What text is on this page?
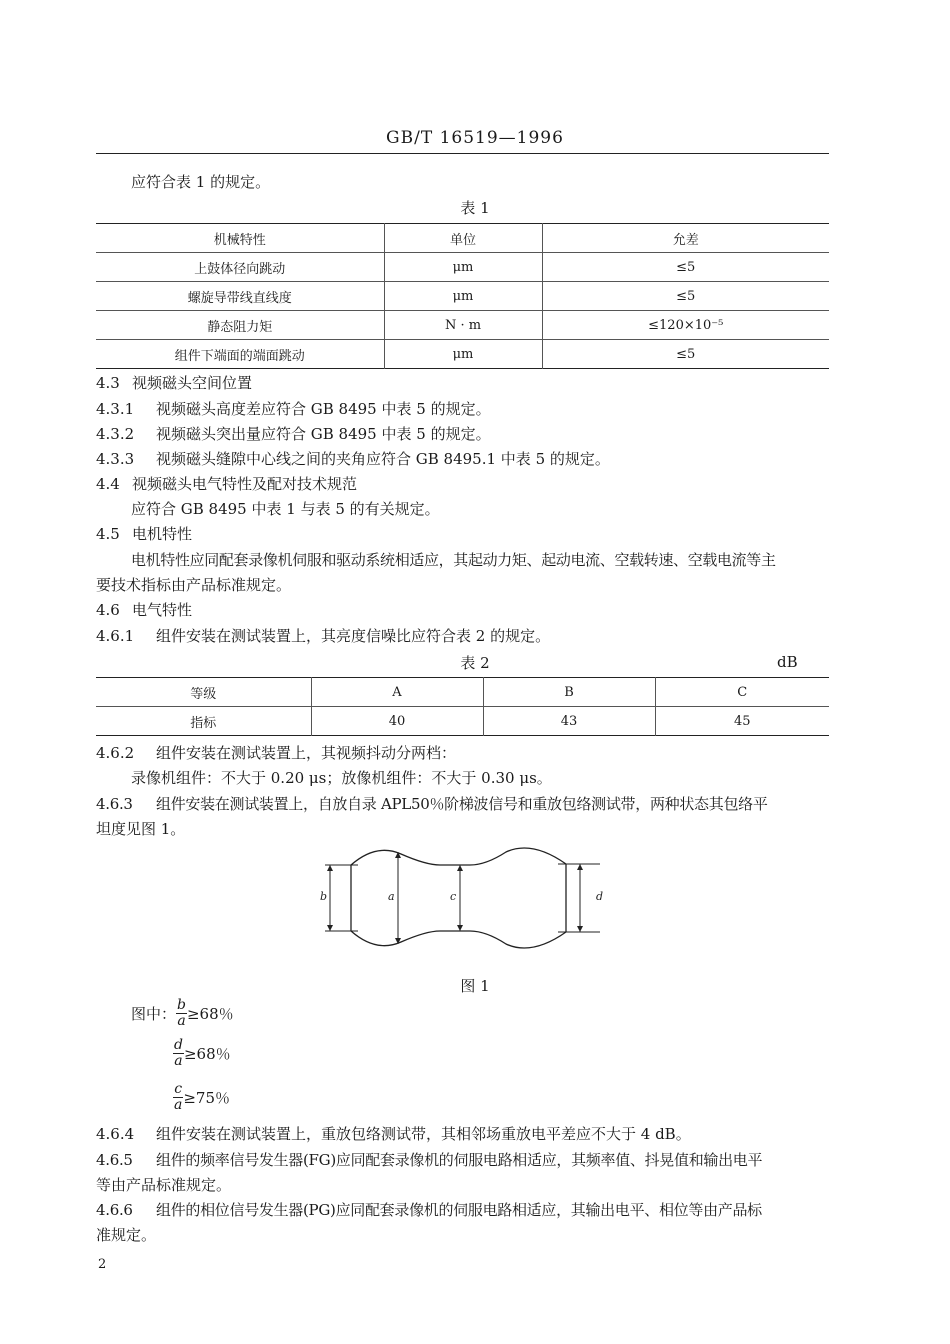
GB/T 16519—1996
应符合表 1 的规定。
表 1
机械特性	单位	允差
上鼓体径向跳动	μm	≤5
螺旋导带线直线度	μm	≤5
静态阻力矩	N · m	≤120×10⁻⁵
组件下端面的端面跳动	μm	≤5
4.3 视频磁头空间位置
4.3.1 视频磁头高度差应符合 GB 8495 中表 5 的规定。
4.3.2 视频磁头突出量应符合 GB 8495 中表 5 的规定。
4.3.3 视频磁头缝隙中心线之间的夹角应符合 GB 8495.1 中表 5 的规定。
4.4 视频磁头电气特性及配对技术规范
应符合 GB 8495 中表 1 与表 5 的有关规定。
4.5 电机特性
电机特性应同配套录像机伺服和驱动系统相适应，其起动力矩、起动电流、空载转速、空载电流等主
要技术指标由产品标准规定。
4.6 电气特性
4.6.1 组件安装在测试装置上，其亮度信噪比应符合表 2 的规定。
表 2	dB
等级	A	B	C
指标	40	43	45
4.6.2 组件安装在测试装置上，其视频抖动分两档：
录像机组件：不大于 0.20 μs；放像机组件：不大于 0.30 μs。
4.6.3 组件安装在测试装置上，自放自录 APL50％阶梯波信号和重放包络测试带，两种状态其包络平
坦度见图 1。
b	a	c	d
图 1
图中： $\frac{b}{a} \ge 68$％
$\frac{d}{a} \ge 68$％
$\frac{c}{a} \ge 75$％
4.6.4 组件安装在测试装置上，重放包络测试带，其相邻场重放电平差应不大于 4 dB。
4.6.5 组件的频率信号发生器(FG)应同配套录像机的伺服电路相适应，其频率值、抖晃值和输出电平
等由产品标准规定。
4.6.6 组件的相位信号发生器(PG)应同配套录像机的伺服电路相适应，其输出电平、相位等由产品标
准规定。
2
